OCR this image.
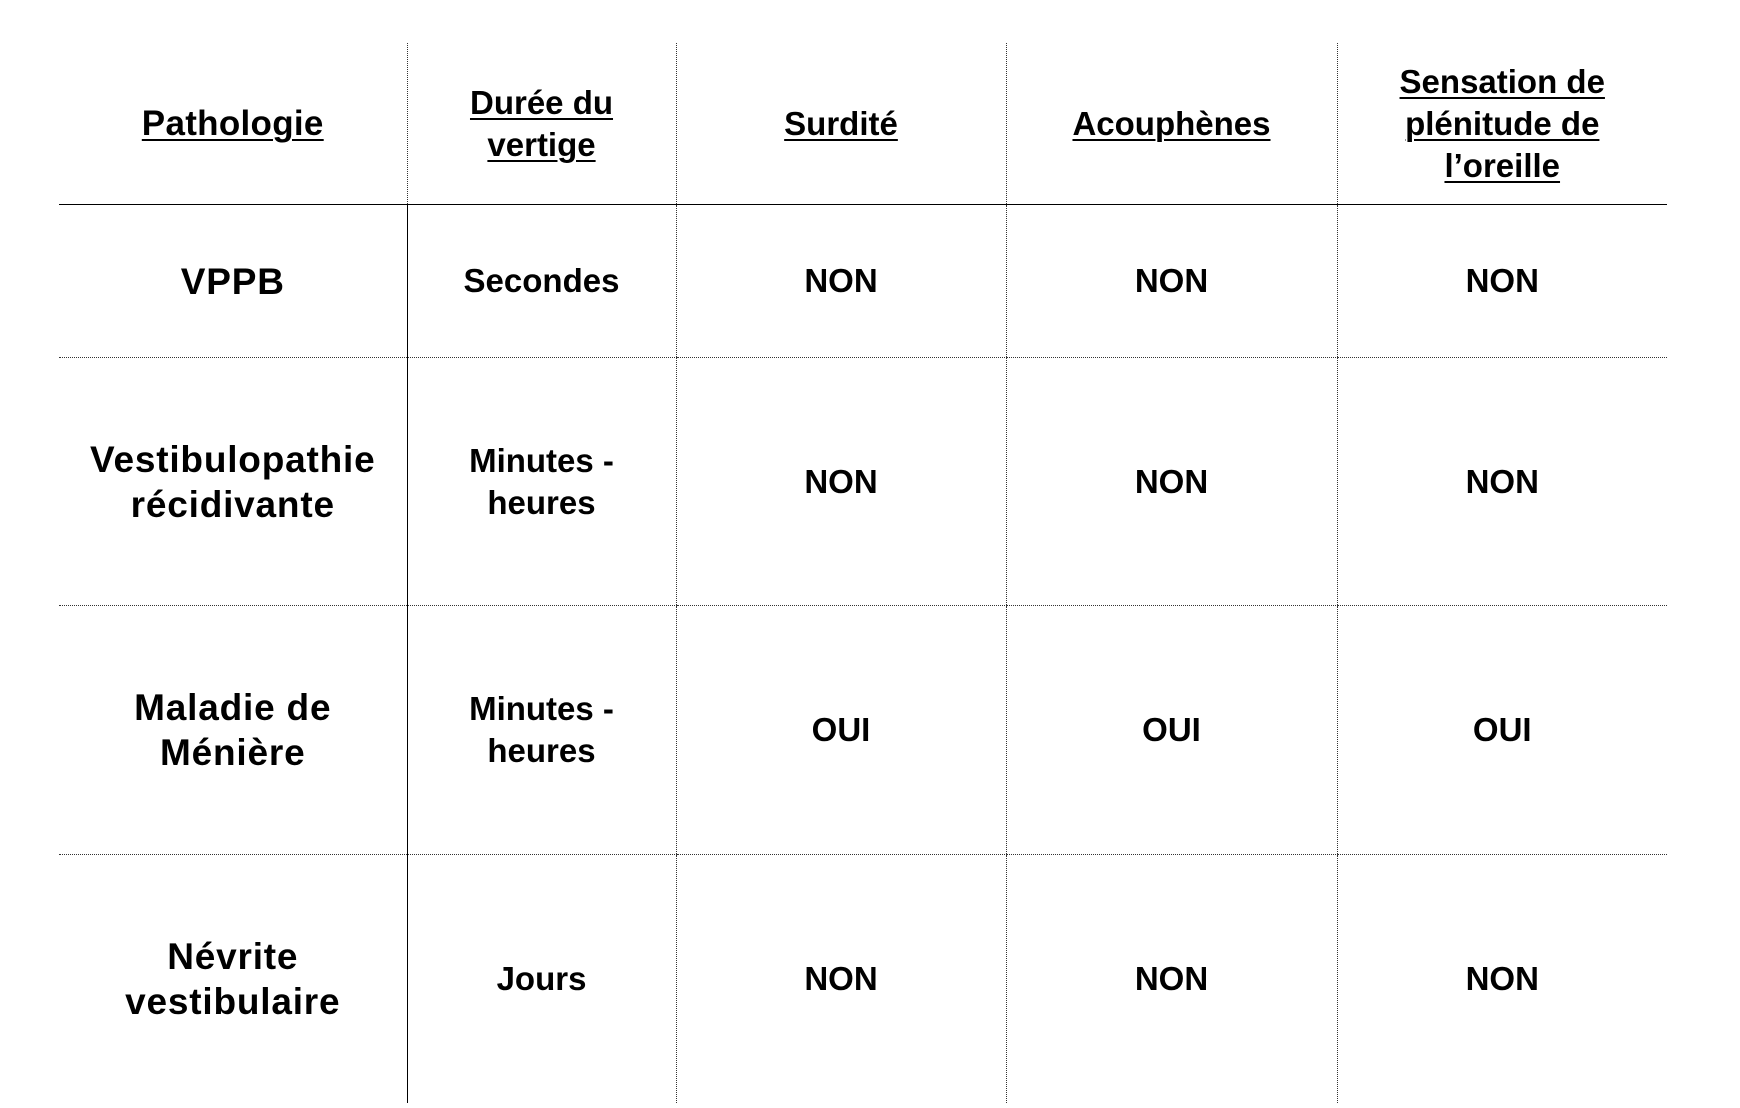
Pathologie	Durée du vertige	Surdité	Acouphènes	Sensation de plénitude de l’oreille
VPPB	Secondes	NON	NON	NON
Vestibulopathie récidivante	Minutes -heures	NON	NON	NON
Maladie de Ménière	Minutes - heures	OUI	OUI	OUI
Névrite vestibulaire	Jours	NON	NON	NON
